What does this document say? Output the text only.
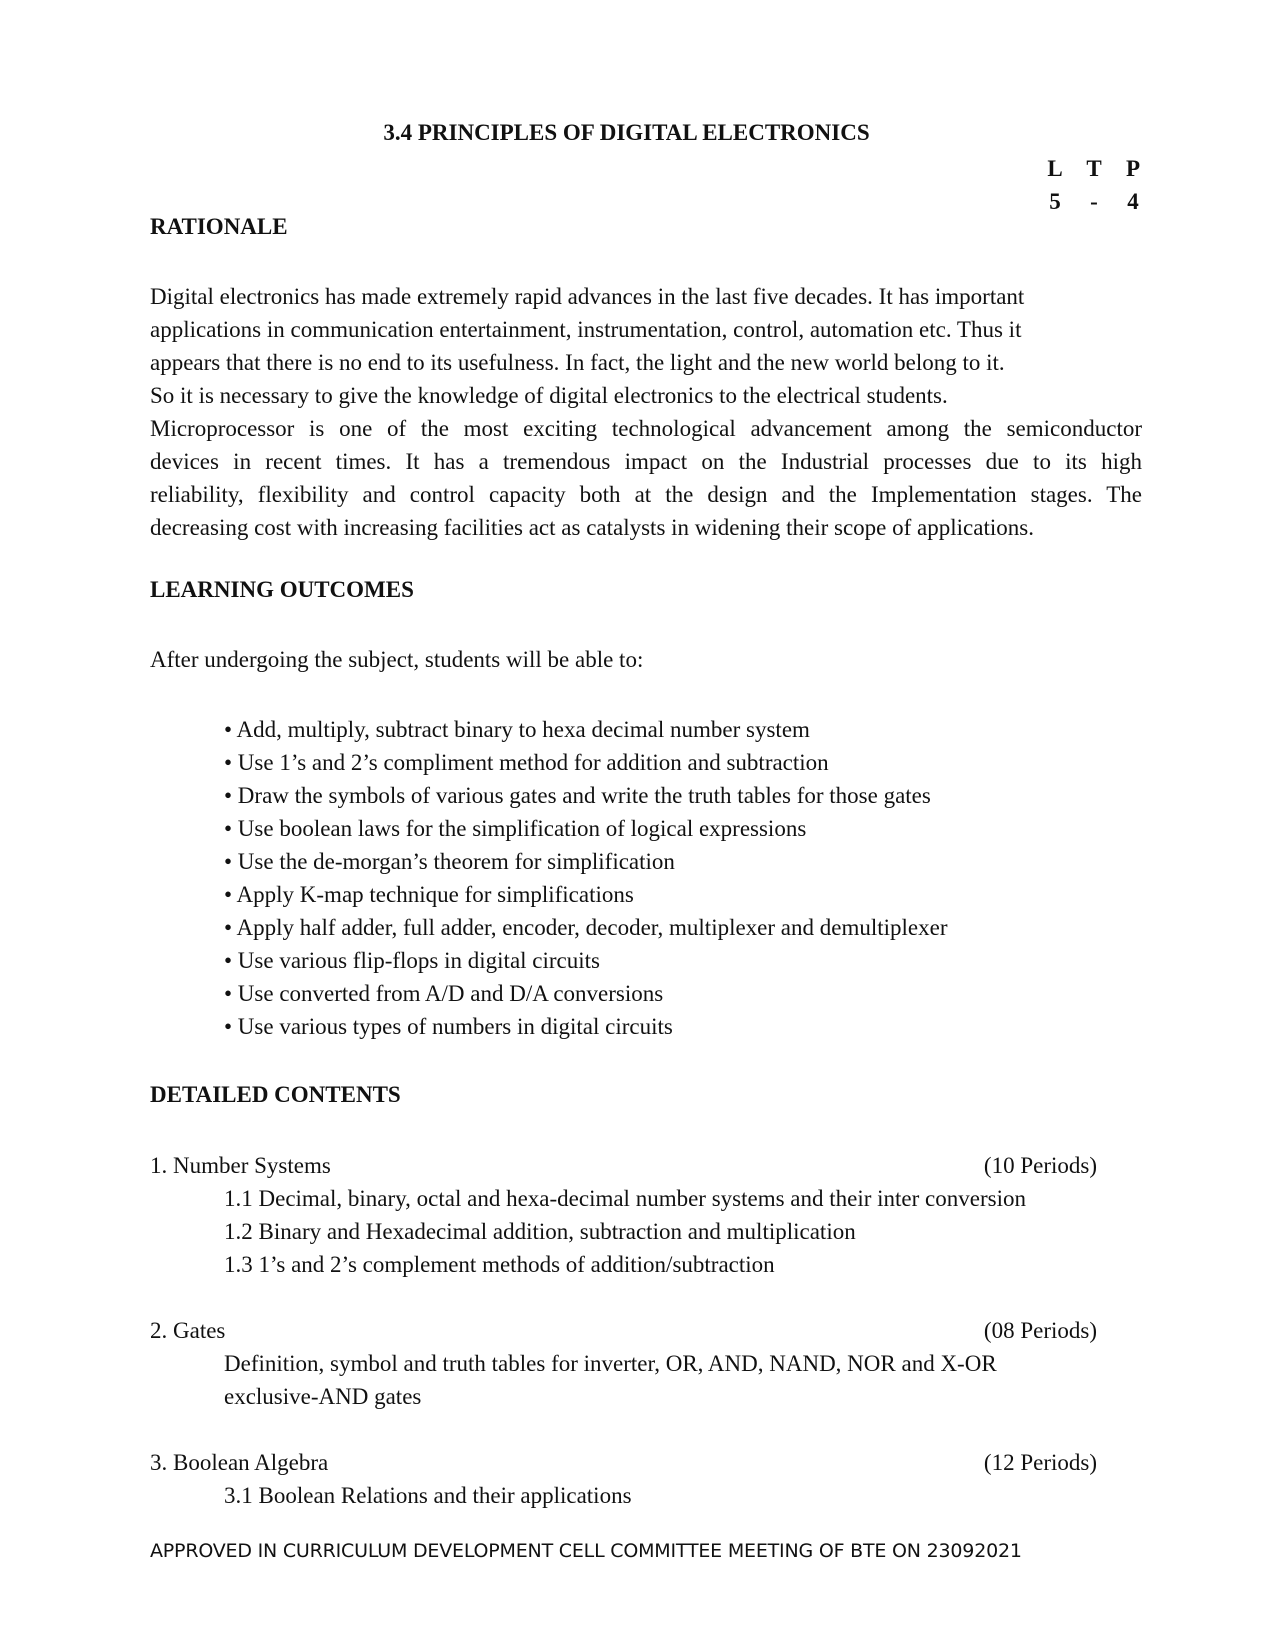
3.4 PRINCIPLES OF DIGITAL ELECTRONICS
L	T	P
5	-	4
RATIONALE
Digital electronics has made extremely rapid advances in the last five decades. It has important
applications in communication entertainment, instrumentation, control, automation etc. Thus it
appears that there is no end to its usefulness. In fact, the light and the new world belong to it.
So it is necessary to give the knowledge of digital electronics to the electrical students.
Microprocessor is one of the most exciting technological advancement among the semiconductor
devices in recent times. It has a tremendous impact on the Industrial processes due to its high
reliability, flexibility and control capacity both at the design and the Implementation stages. The
decreasing cost with increasing facilities act as catalysts in widening their scope of applications.
LEARNING OUTCOMES
After undergoing the subject, students will be able to:
• Add, multiply, subtract binary to hexa decimal number system
• Use 1’s and 2’s compliment method for addition and subtraction
• Draw the symbols of various gates and write the truth tables for those gates
• Use boolean laws for the simplification of logical expressions
• Use the de-morgan’s theorem for simplification
• Apply K-map technique for simplifications
• Apply half adder, full adder, encoder, decoder, multiplexer and demultiplexer
• Use various flip-flops in digital circuits
• Use converted from A/D and D/A conversions
• Use various types of numbers in digital circuits
DETAILED CONTENTS
1. Number Systems	(10 Periods)
1.1 Decimal, binary, octal and hexa-decimal number systems and their inter conversion
1.2 Binary and Hexadecimal addition, subtraction and multiplication
1.3 1’s and 2’s complement methods of addition/subtraction
2. Gates	(08 Periods)
Definition, symbol and truth tables for inverter, OR, AND, NAND, NOR and X-OR
exclusive-AND gates
3. Boolean Algebra	(12 Periods)
3.1 Boolean Relations and their applications
APPROVED IN CURRICULUM DEVELOPMENT CELL COMMITTEE MEETING OF BTE ON 23092021
